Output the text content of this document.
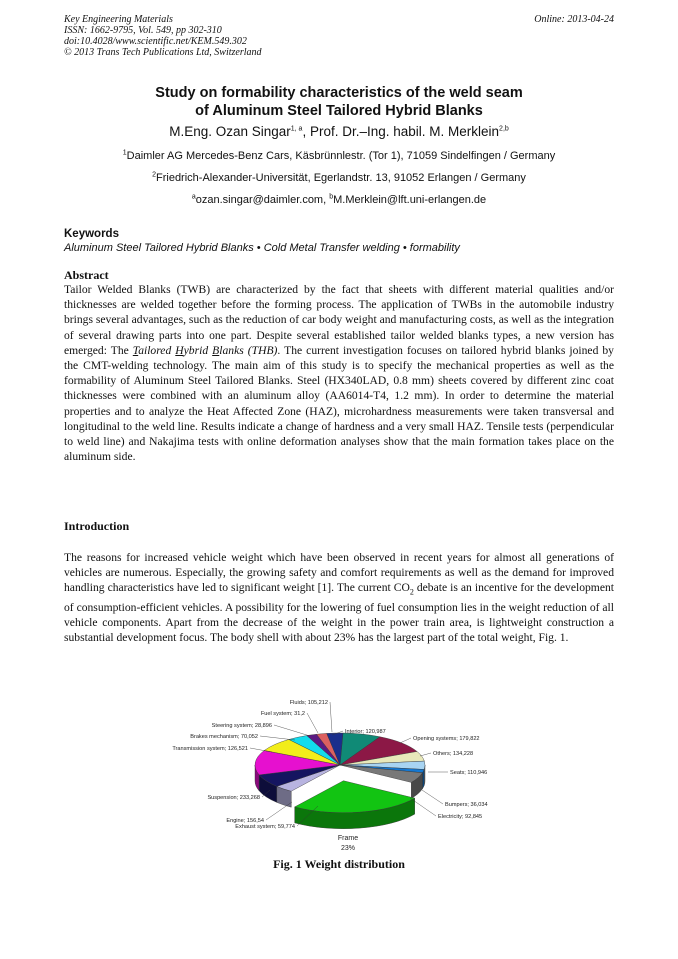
Key Engineering Materials
ISSN: 1662-9795, Vol. 549, pp 302-310
doi:10.4028/www.scientific.net/KEM.549.302
© 2013 Trans Tech Publications Ltd, Switzerland
Online: 2013-04-24
Study on formability characteristics of the weld seam
of Aluminum Steel Tailored Hybrid Blanks
M.Eng. Ozan Singar$^{1, a}$, Prof. Dr.–Ing. habil. M. Merklein$^{2,b}$
$^1$Daimler AG Mercedes-Benz Cars, Käsbrünnlestr. (Tor 1), 71059 Sindelfingen / Germany
$^2$Friedrich-Alexander-Universität, Egerlandstr. 13, 91052 Erlangen / Germany
$^a$ozan.singar@daimler.com, $^b$M.Merklein@lft.uni-erlangen.de
Keywords
Aluminum Steel Tailored Hybrid Blanks • Cold Metal Transfer welding • formability
Abstract

Tailor Welded Blanks (TWB) are characterized by the fact that sheets with different material qualities and/or thicknesses are welded together before the forming process. The application of TWBs in the automobile industry brings several advantages, such as the reduction of car body weight and manufacturing costs, as well as the integration of several drawing parts into one part. Despite several established tailor welded blanks types, a new version has emerged: The Tailored Hybrid Blanks (THB). The current investigation focuses on tailored hybrid blanks joined by the CMT-welding technology. The main aim of this study is to specify the mechanical properties as well as the formability of Aluminum Steel Tailored Blanks. Steel (HX340LAD, 0.8 mm) sheets covered by different zinc coat thicknesses were combined with an aluminum alloy (AA6014-T4, 1.2 mm). In order to determine the material properties and to analyze the Heat Affected Zone (HAZ), microhardness measurements were taken transversal and longitudinal to the weld line. Results indicate a change of hardness and a very small HAZ. Tensile tests (perpendicular to weld line) and Nakajima tests with online deformation analyses show that the main formation takes place on the aluminum side.

Introduction

The reasons for increased vehicle weight which have been observed in recent years for almost all generations of vehicles are numerous. Especially, the growing safety and comfort requirements as well as the demand for improved handling characteristics have led to significant weight [1]. The current $CO_2$ debate is an incentive for the development of consumption-efficient vehicles. A possibility for the lowering of fuel consumption lies in the weight reduction of all vehicle components. Apart from the decrease of the weight in the power train area, is lightweight construction a substantial development focus. The body shell with about 23% has the largest part of the total weight, Fig. 1.

Frame
23%
Interior; 120,987
Opening systems; 179,822
Others; 134,228
Seats; 110,946
Bumpers; 36,034
Electricity; 92,845
Exhaust system; 59,774
Engine; 156,54
Suspension; 233,268
Transmission system; 126,521
Brakes mechanism; 70,052
Steering system; 28,896
Fuel system; 31,2
Fluids; 105,212
Fig. 1 Weight distribution
